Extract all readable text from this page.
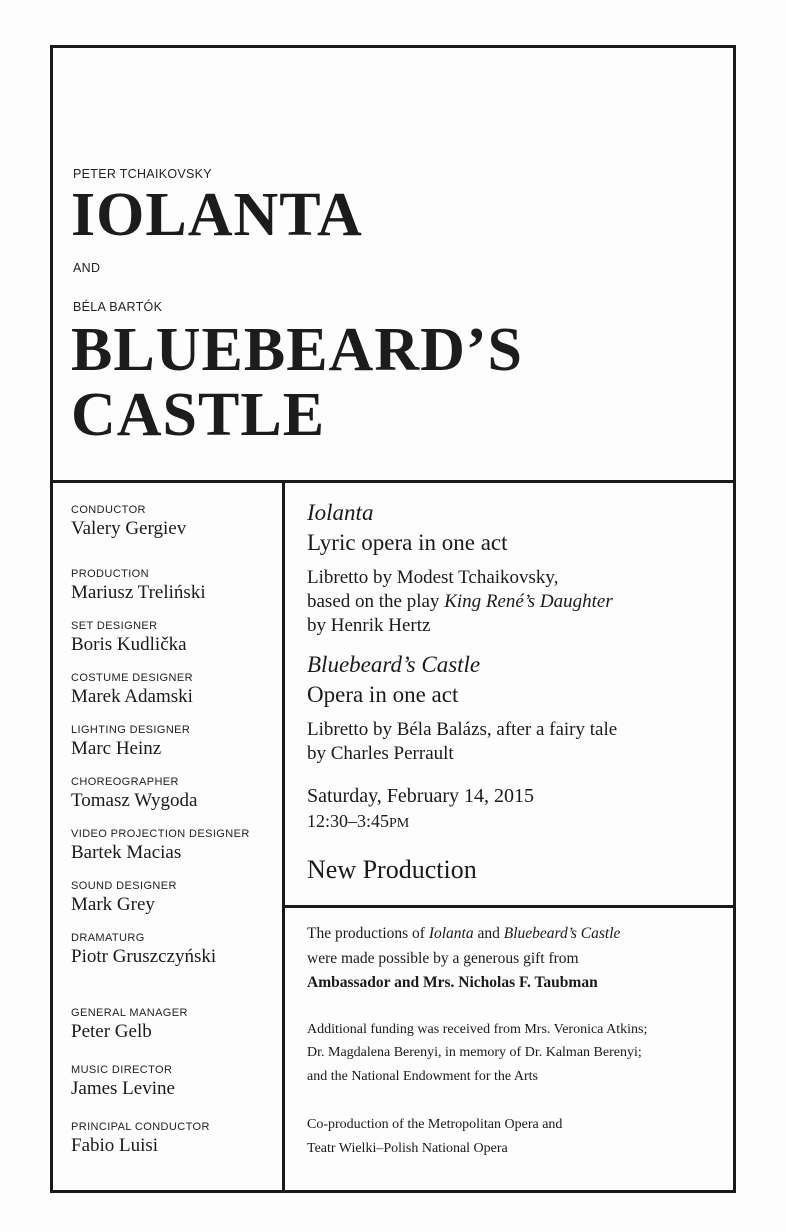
PETER TCHAIKOVSKY
IOLANTA
AND
BÉLA BARTÓK
BLUEBEARD’S
CASTLE
CONDUCTOR
Valery Gergiev
PRODUCTION
Mariusz Treliński
SET DESIGNER
Boris Kudlička
COSTUME DESIGNER
Marek Adamski
LIGHTING DESIGNER
Marc Heinz
CHOREOGRAPHER
Tomasz Wygoda
VIDEO PROJECTION DESIGNER
Bartek Macias
SOUND DESIGNER
Mark Grey
DRAMATURG
Piotr Gruszczyński
GENERAL MANAGER
Peter Gelb
MUSIC DIRECTOR
James Levine
PRINCIPAL CONDUCTOR
Fabio Luisi
Iolanta
Lyric opera in one act
Libretto by Modest Tchaikovsky,
based on the play King René’s Daughter
by Henrik Hertz
Bluebeard’s Castle
Opera in one act
Libretto by Béla Balázs, after a fairy tale
by Charles Perrault
Saturday, February 14, 2015
12:30–3:45PM
New Production
The productions of Iolanta and Bluebeard’s Castle
were made possible by a generous gift from
Ambassador and Mrs. Nicholas F. Taubman
Additional funding was received from Mrs. Veronica Atkins;
Dr. Magdalena Berenyi, in memory of Dr. Kalman Berenyi;
and the National Endowment for the Arts
Co-production of the Metropolitan Opera and
Teatr Wielki–Polish National Opera
